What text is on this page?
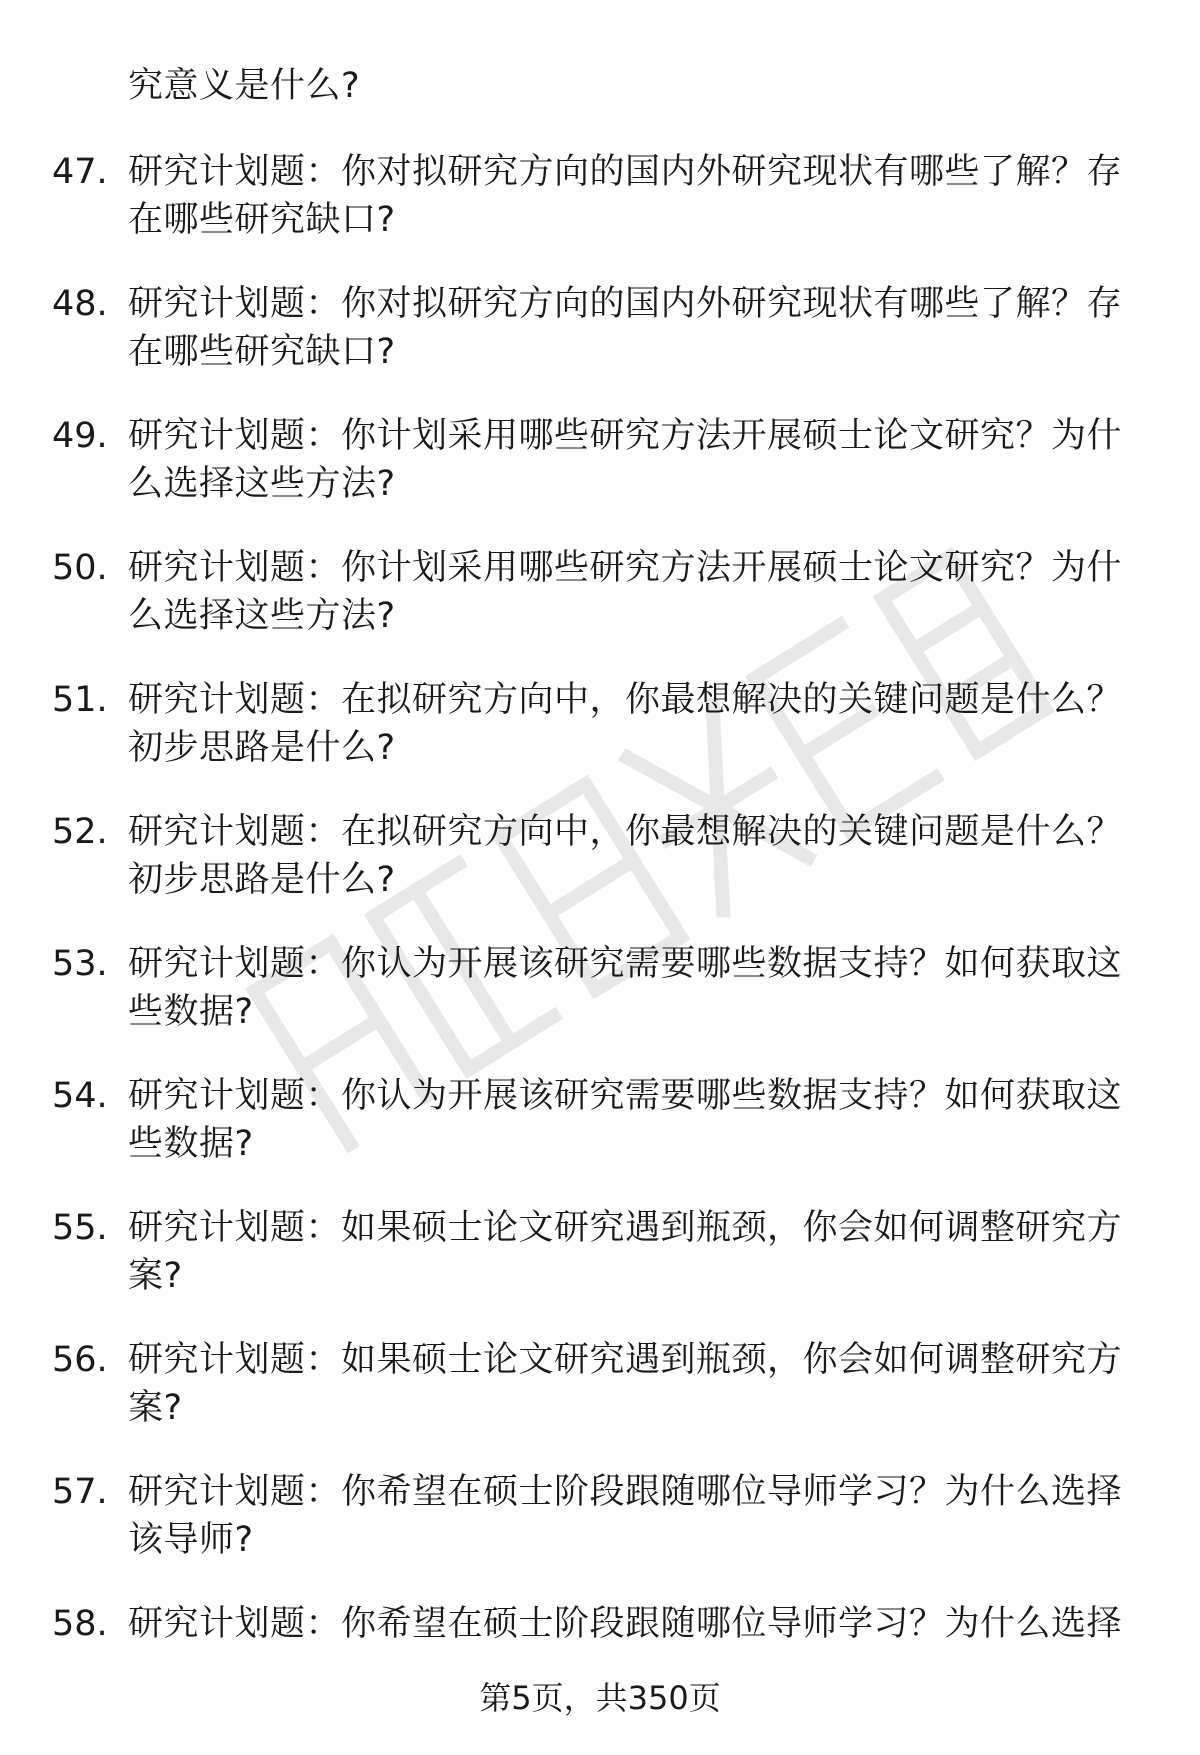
究意义是什么?
47. 研究计划题：你对拟研究方向的国内外研究现状有哪些了解？存在哪些研究缺口?
48. 研究计划题：你对拟研究方向的国内外研究现状有哪些了解？存在哪些研究缺口?
49. 研究计划题：你计划采用哪些研究方法开展硕士论文研究？为什么选择这些方法?
50. 研究计划题：你计划采用哪些研究方法开展硕士论文研究？为什么选择这些方法?
51. 研究计划题：在拟研究方向中，你最想解决的关键问题是什么？初步思路是什么?
52. 研究计划题：在拟研究方向中，你最想解决的关键问题是什么？初步思路是什么?
53. 研究计划题：你认为开展该研究需要哪些数据支持？如何获取这些数据?
54. 研究计划题：你认为开展该研究需要哪些数据支持？如何获取这些数据?
55. 研究计划题：如果硕士论文研究遇到瓶颈，你会如何调整研究方案?
56. 研究计划题：如果硕士论文研究遇到瓶颈，你会如何调整研究方案?
57. 研究计划题：你希望在硕士阶段跟随哪位导师学习？为什么选择该导师?
58. 研究计划题：你希望在硕士阶段跟随哪位导师学习？为什么选择
第5页，共350页
